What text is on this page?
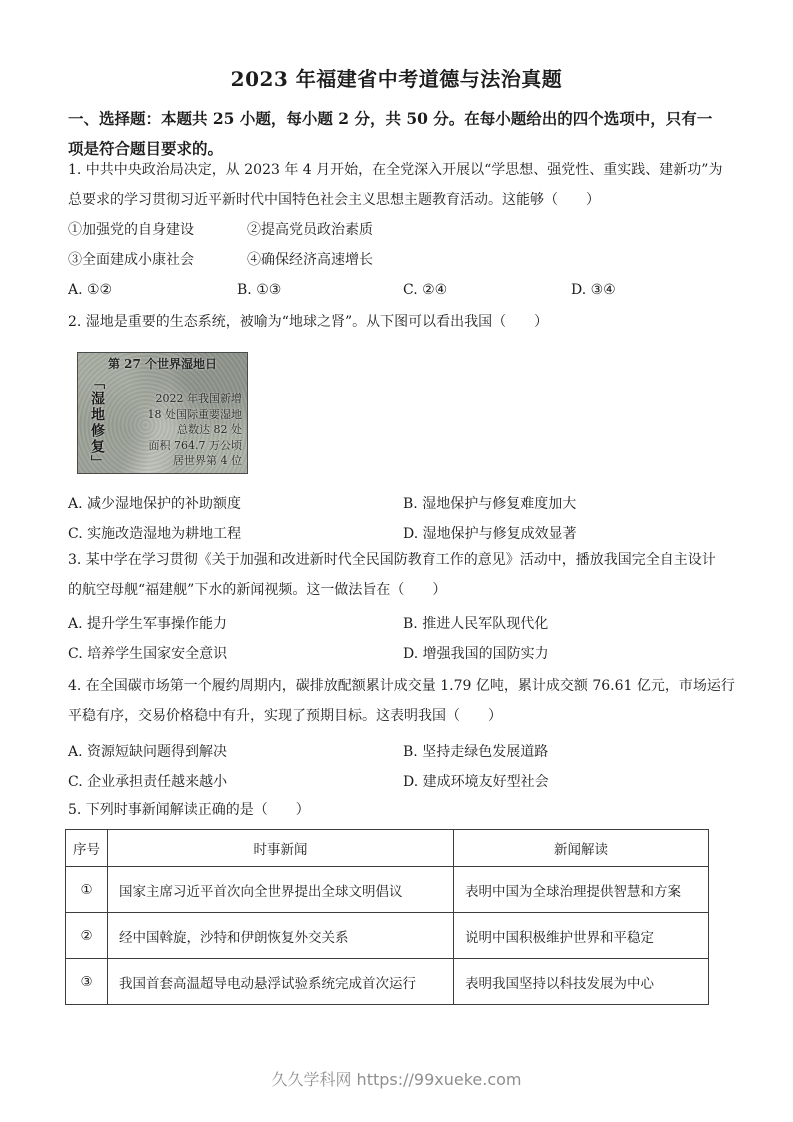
2023 年福建省中考道德与法治真题
一、选择题：本题共 25 小题，每小题 2 分，共 50 分。在每小题给出的四个选项中，只有一
项是符合题目要求的。
1. 中共中央政治局决定，从 2023 年 4 月开始，在全党深入开展以“学思想、强党性、重实践、建新功”为
总要求的学习贯彻习近平新时代中国特色社会主义思想主题教育活动。这能够（　　）
①加强党的自身建设	②提高党员政治素质
③全面建成小康社会	④确保经济高速增长
A. ①②	B. ①③	C. ②④	D. ③④
2. 湿地是重要的生态系统，被喻为“地球之肾”。从下图可以看出我国（　　）
第 27 个世界湿地日
「湿地修复」	2022 年我国新增
18 处国际重要湿地
总数达 82 处
面积 764.7 万公顷
居世界第 4 位
A. 减少湿地保护的补助额度	B. 湿地保护与修复难度加大
C. 实施改造湿地为耕地工程	D. 湿地保护与修复成效显著
3. 某中学在学习贯彻《关于加强和改进新时代全民国防教育工作的意见》活动中，播放我国完全自主设计
的航空母舰“福建舰”下水的新闻视频。这一做法旨在（　　）
A. 提升学生军事操作能力	B. 推进人民军队现代化
C. 培养学生国家安全意识	D. 增强我国的国防实力
4. 在全国碳市场第一个履约周期内，碳排放配额累计成交量 1.79 亿吨，累计成交额 76.61 亿元，市场运行
平稳有序，交易价格稳中有升，实现了预期目标。这表明我国（　　）
A. 资源短缺问题得到解决	B. 坚持走绿色发展道路
C. 企业承担责任越来越小	D. 建成环境友好型社会
5. 下列时事新闻解读正确的是（　　）
序号	时事新闻	新闻解读
①	国家主席习近平首次向全世界提出全球文明倡议	表明中国为全球治理提供智慧和方案
②	经中国斡旋，沙特和伊朗恢复外交关系	说明中国积极维护世界和平稳定
③	我国首套高温超导电动悬浮试验系统完成首次运行	表明我国坚持以科技发展为中心
久久学科网 https://99xueke.com
